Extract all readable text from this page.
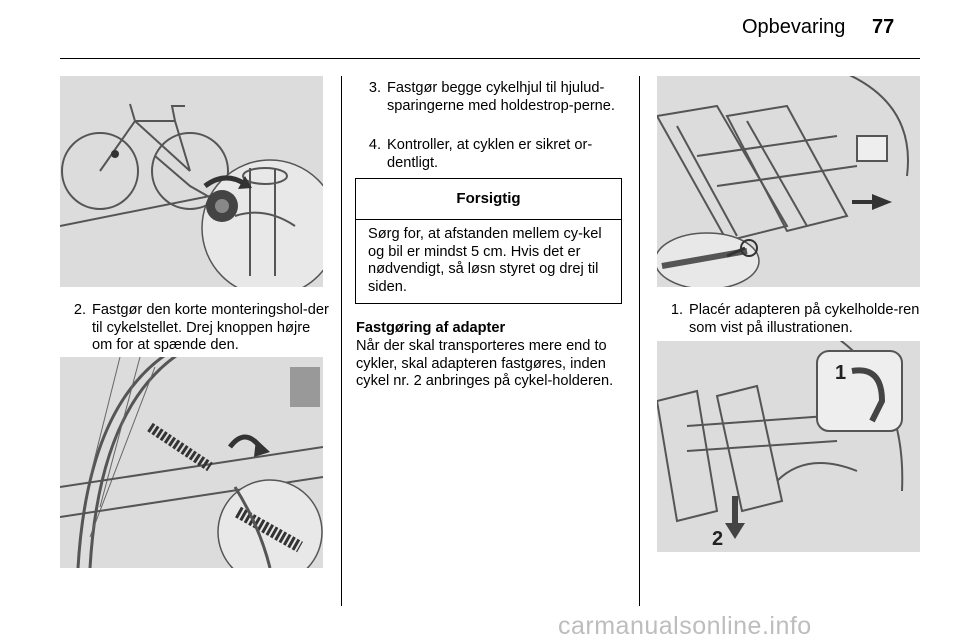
Opbevaring 77
2. Fastgør den korte monteringshol-der til cykelstellet. Drej knoppen højre om for at spænde den.
3. Fastgør begge cykelhjul til hjulud-sparingerne med holdestrop-perne.
4. Kontroller, at cyklen er sikret or-dentligt.
Forsigtig
Sørg for, at afstanden mellem cy-kel og bil er mindst 5 cm. Hvis det er nødvendigt, så løsn styret og drej til siden.
Fastgøring af adapter
Når der skal transporteres mere end to cykler, skal adapteren fastgøres, inden cykel nr. 2 anbringes på cykel-holderen.
1. Placér adapteren på cykelholde-ren som vist på illustrationen.
1
2
carmanualsonline.info
